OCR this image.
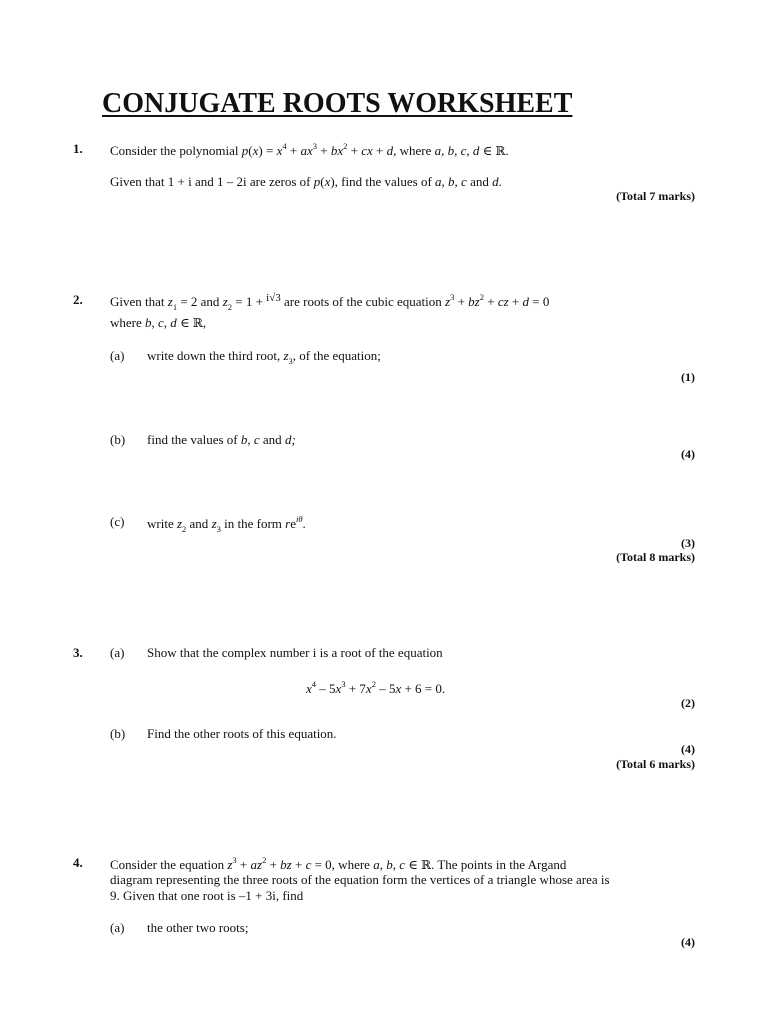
CONJUGATE ROOTS WORKSHEET
1. Consider the polynomial $p(x) = x^4 + ax^3 + bx^2$ + cx + d, where a, b, c, d ∈ ℝ.
Given that 1 + i and 1 – 2i are zeros of p(x), find the values of a, b, c and d.
(Total 7 marks)
2. Given that $z_1 = 2$ and $z_2 = 1 + ^{i√3}$ are roots of the cubic equation $z^3 + bz^2$ + cz + d = 0
where b, c, d ∈ ℝ,
(a) write down the third root, $z_3$, of the equation;
(1)
(b) find the values of b, c and d;
(4)
(c) write $z_2$ and $z_3$ in the form $re^{i\theta}$.
(3)
(Total 8 marks)
3. (a) Show that the complex number i is a root of the equation
$x^4 - 5x^3 + 7x^2 - 5x + 6 = 0$.
(2)
(b) Find the other roots of this equation.
(4)
(Total 6 marks)
4. Consider the equation $z^3 + az^2$ + bz + c = 0, where a, b, c ∈ ℝ. The points in the Argand
diagram representing the three roots of the equation form the vertices of a triangle whose area is
9. Given that one root is –1 + 3i, find
(a) the other two roots;
(4)
